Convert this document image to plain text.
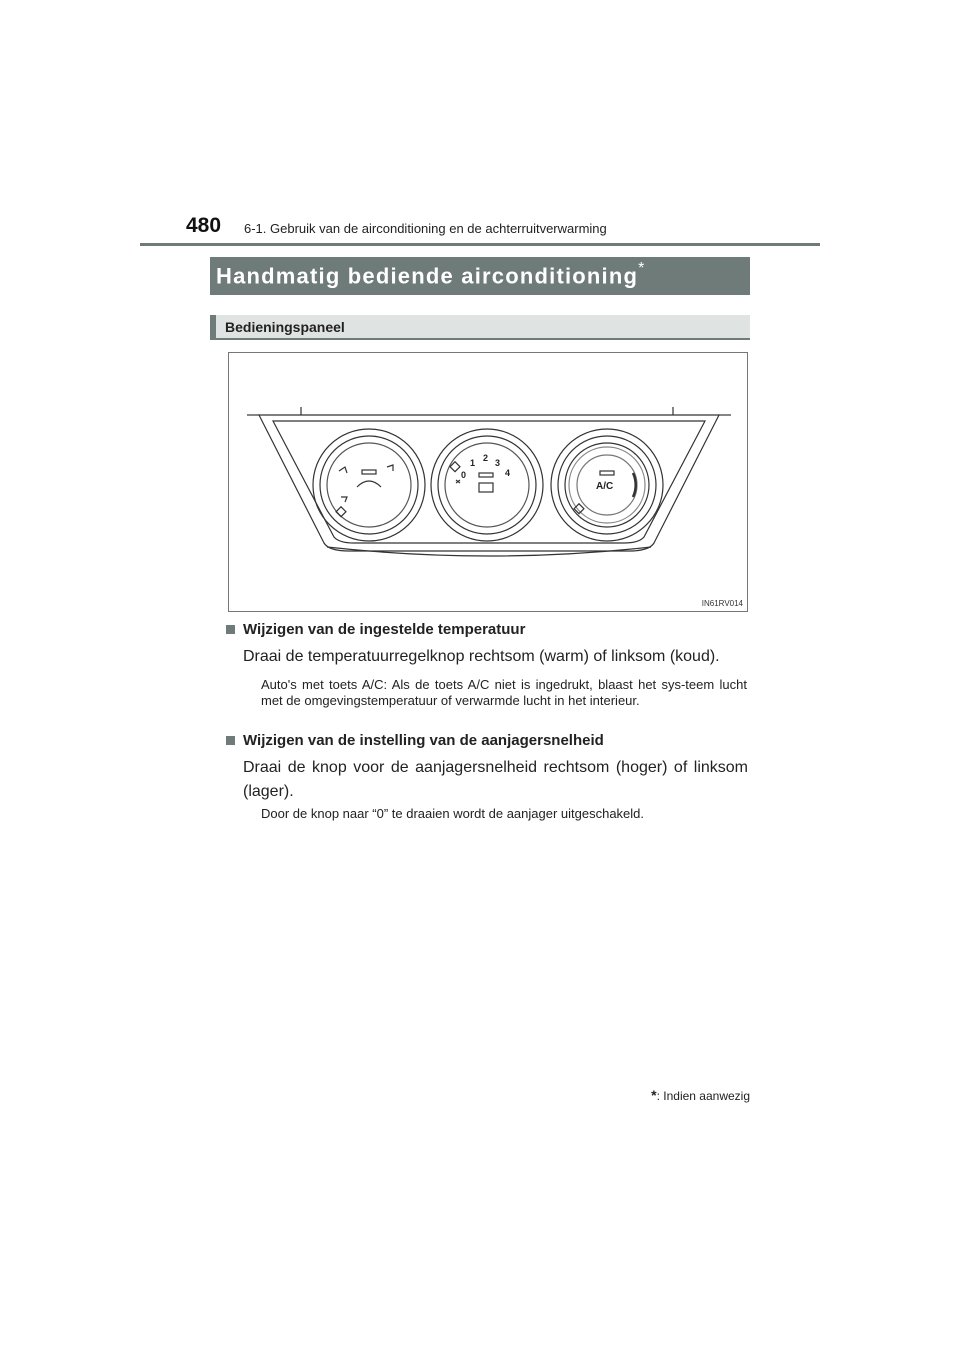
480 6-1. Gebruik van de airconditioning en de achterruitverwarming
Handmatig bediende airconditioning*
Bedieningspaneel
0
1 2 3
4
A/C
IN61RV014
Wijzigen van de ingestelde temperatuur
Draai de temperatuurregelknop rechtsom (warm) of linksom (koud).
Auto's met toets A/C: Als de toets A/C niet is ingedrukt, blaast het sys-teem lucht met de omgevingstemperatuur of verwarmde lucht in het interieur.
Wijzigen van de instelling van de aanjagersnelheid
Draai de knop voor de aanjagersnelheid rechtsom (hoger) of linksom (lager).
Door de knop naar “0” te draaien wordt de aanjager uitgeschakeld.
*: Indien aanwezig
